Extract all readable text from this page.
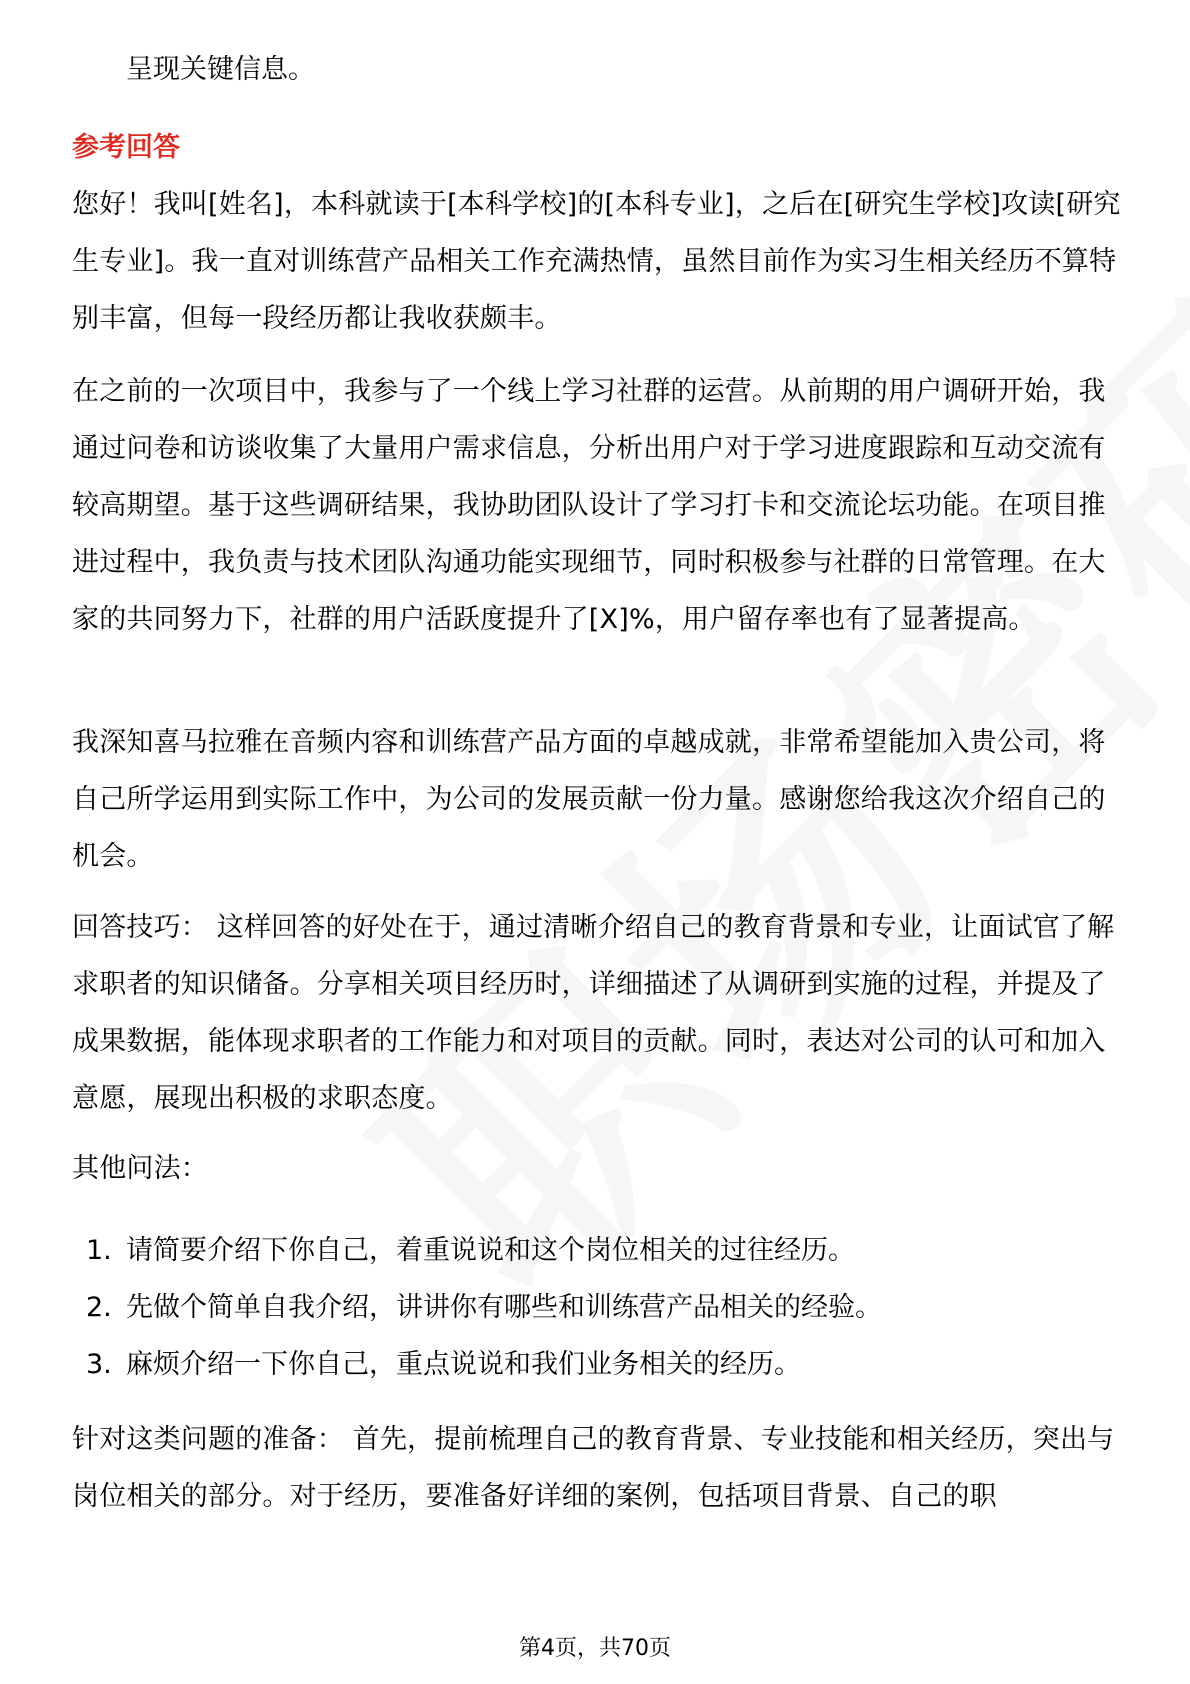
呈现关键信息。
参考回答
您好！我叫[姓名]，本科就读于[本科学校]的[本科专业]，之后在[研究生学校]攻读[研究生专业]。我一直对训练营产品相关工作充满热情，虽然目前作为实习生相关经历不算特别丰富，但每一段经历都让我收获颇丰。
在之前的一次项目中，我参与了一个线上学习社群的运营。从前期的用户调研开始，我通过问卷和访谈收集了大量用户需求信息，分析出用户对于学习进度跟踪和互动交流有较高期望。基于这些调研结果，我协助团队设计了学习打卡和交流论坛功能。在项目推进过程中，我负责与技术团队沟通功能实现细节，同时积极参与社群的日常管理。在大家的共同努力下，社群的用户活跃度提升了[X]%，用户留存率也有了显著提高。
我深知喜马拉雅在音频内容和训练营产品方面的卓越成就，非常希望能加入贵公司，将自己所学运用到实际工作中，为公司的发展贡献一份力量。感谢您给我这次介绍自己的机会。
回答技巧： 这样回答的好处在于，通过清晰介绍自己的教育背景和专业，让面试官了解求职者的知识储备。分享相关项目经历时，详细描述了从调研到实施的过程，并提及了成果数据，能体现求职者的工作能力和对项目的贡献。同时，表达对公司的认可和加入意愿，展现出积极的求职态度。
其他问法：
1. 请简要介绍下你自己，着重说说和这个岗位相关的过往经历。
2. 先做个简单自我介绍，讲讲你有哪些和训练营产品相关的经验。
3. 麻烦介绍一下你自己，重点说说和我们业务相关的经历。
针对这类问题的准备： 首先，提前梳理自己的教育背景、专业技能和相关经历，突出与岗位相关的部分。对于经历，要准备好详细的案例，包括项目背景、自己的职
第4页，共70页
